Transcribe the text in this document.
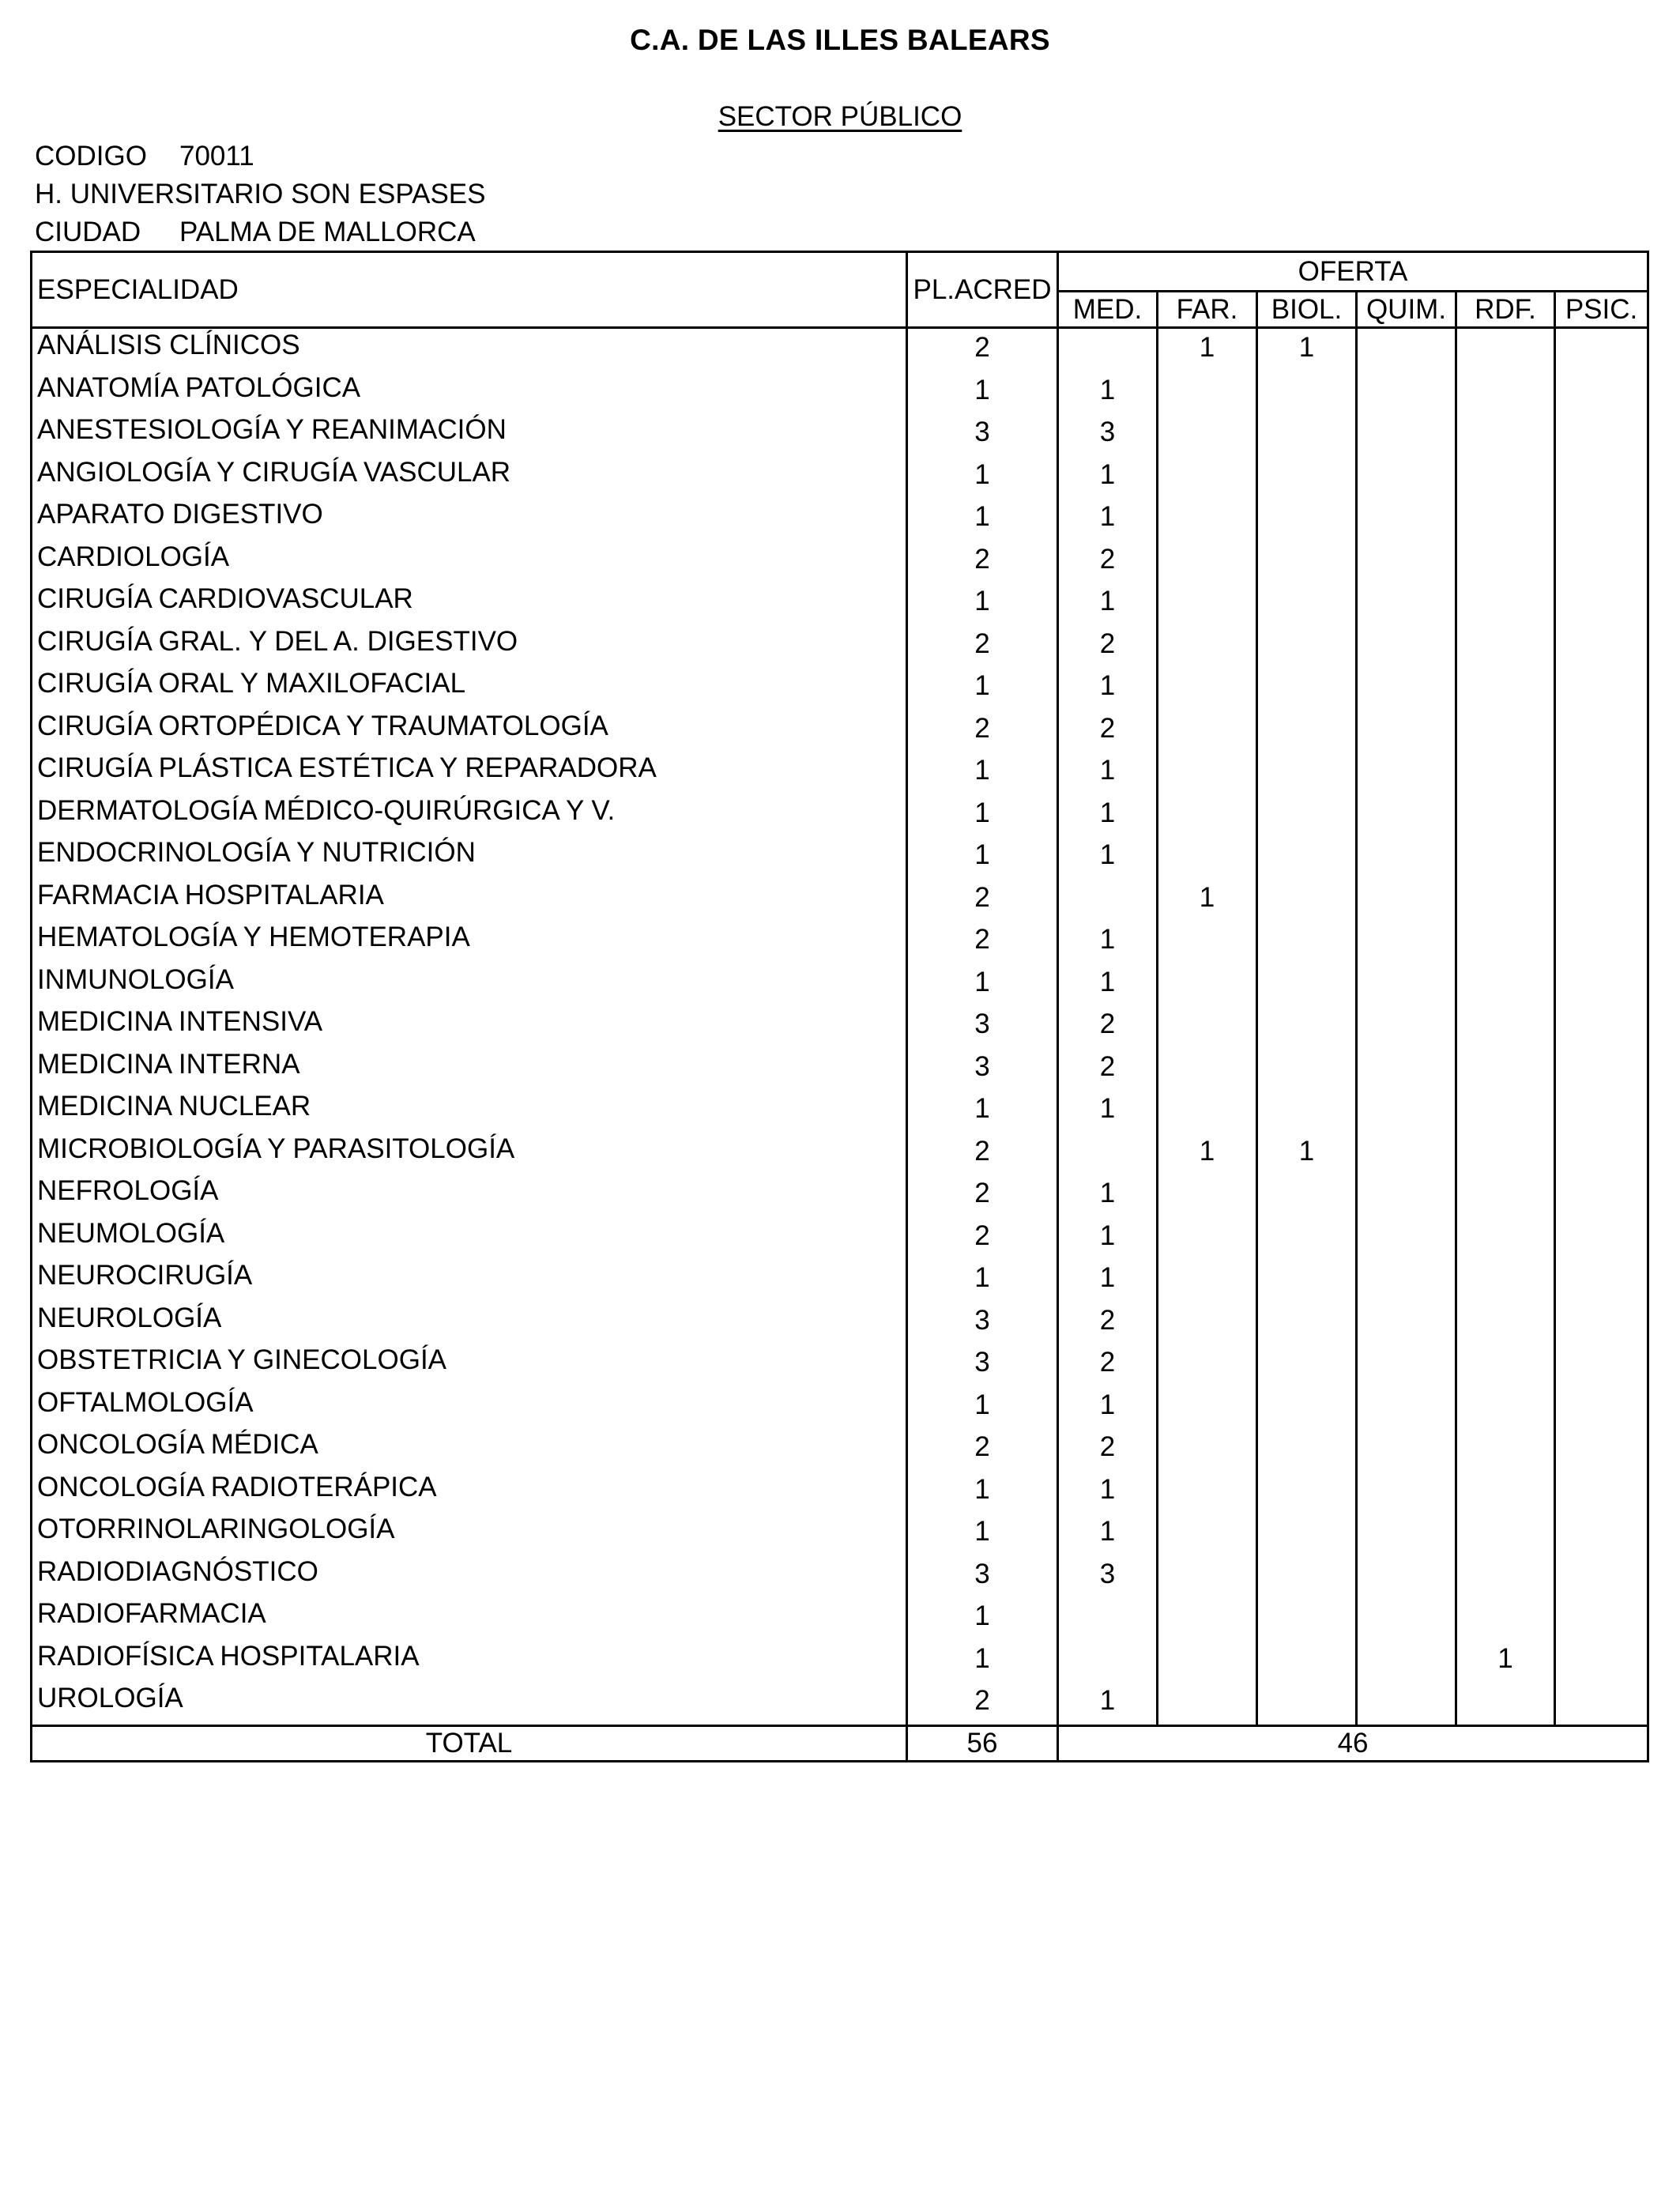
C.A. DE LAS ILLES BALEARS
SECTOR PÚBLICO
CODIGO 70011
H. UNIVERSITARIO SON ESPASES
CIUDAD PALMA DE MALLORCA
ESPECIALIDAD	PL.ACRED	OFERTA					
		MED.	FAR.	BIOL.	QUIM.	RDF.	PSIC.
ANÁLISIS CLÍNICOS	2		1	1			
ANATOMÍA PATOLÓGICA	1	1					
ANESTESIOLOGÍA Y REANIMACIÓN	3	3					
ANGIOLOGÍA Y CIRUGÍA VASCULAR	1	1					
APARATO DIGESTIVO	1	1					
CARDIOLOGÍA	2	2					
CIRUGÍA CARDIOVASCULAR	1	1					
CIRUGÍA GRAL. Y DEL A. DIGESTIVO	2	2					
CIRUGÍA ORAL Y MAXILOFACIAL	1	1					
CIRUGÍA ORTOPÉDICA Y TRAUMATOLOGÍA	2	2					
CIRUGÍA PLÁSTICA ESTÉTICA Y REPARADORA	1	1					
DERMATOLOGÍA MÉDICO-QUIRÚRGICA Y V.	1	1					
ENDOCRINOLOGÍA Y NUTRICIÓN	1	1					
FARMACIA HOSPITALARIA	2		1				
HEMATOLOGÍA Y HEMOTERAPIA	2	1					
INMUNOLOGÍA	1	1					
MEDICINA INTENSIVA	3	2					
MEDICINA INTERNA	3	2					
MEDICINA NUCLEAR	1	1					
MICROBIOLOGÍA Y PARASITOLOGÍA	2		1	1			
NEFROLOGÍA	2	1					
NEUMOLOGÍA	2	1					
NEUROCIRUGÍA	1	1					
NEUROLOGÍA	3	2					
OBSTETRICIA Y GINECOLOGÍA	3	2					
OFTALMOLOGÍA	1	1					
ONCOLOGÍA MÉDICA	2	2					
ONCOLOGÍA RADIOTERÁPICA	1	1					
OTORRINOLARINGOLOGÍA	1	1					
RADIODIAGNÓSTICO	3	3					
RADIOFARMACIA	1						
RADIOFÍSICA HOSPITALARIA	1					1	
UROLOGÍA	2	1					
TOTAL	56	46					
